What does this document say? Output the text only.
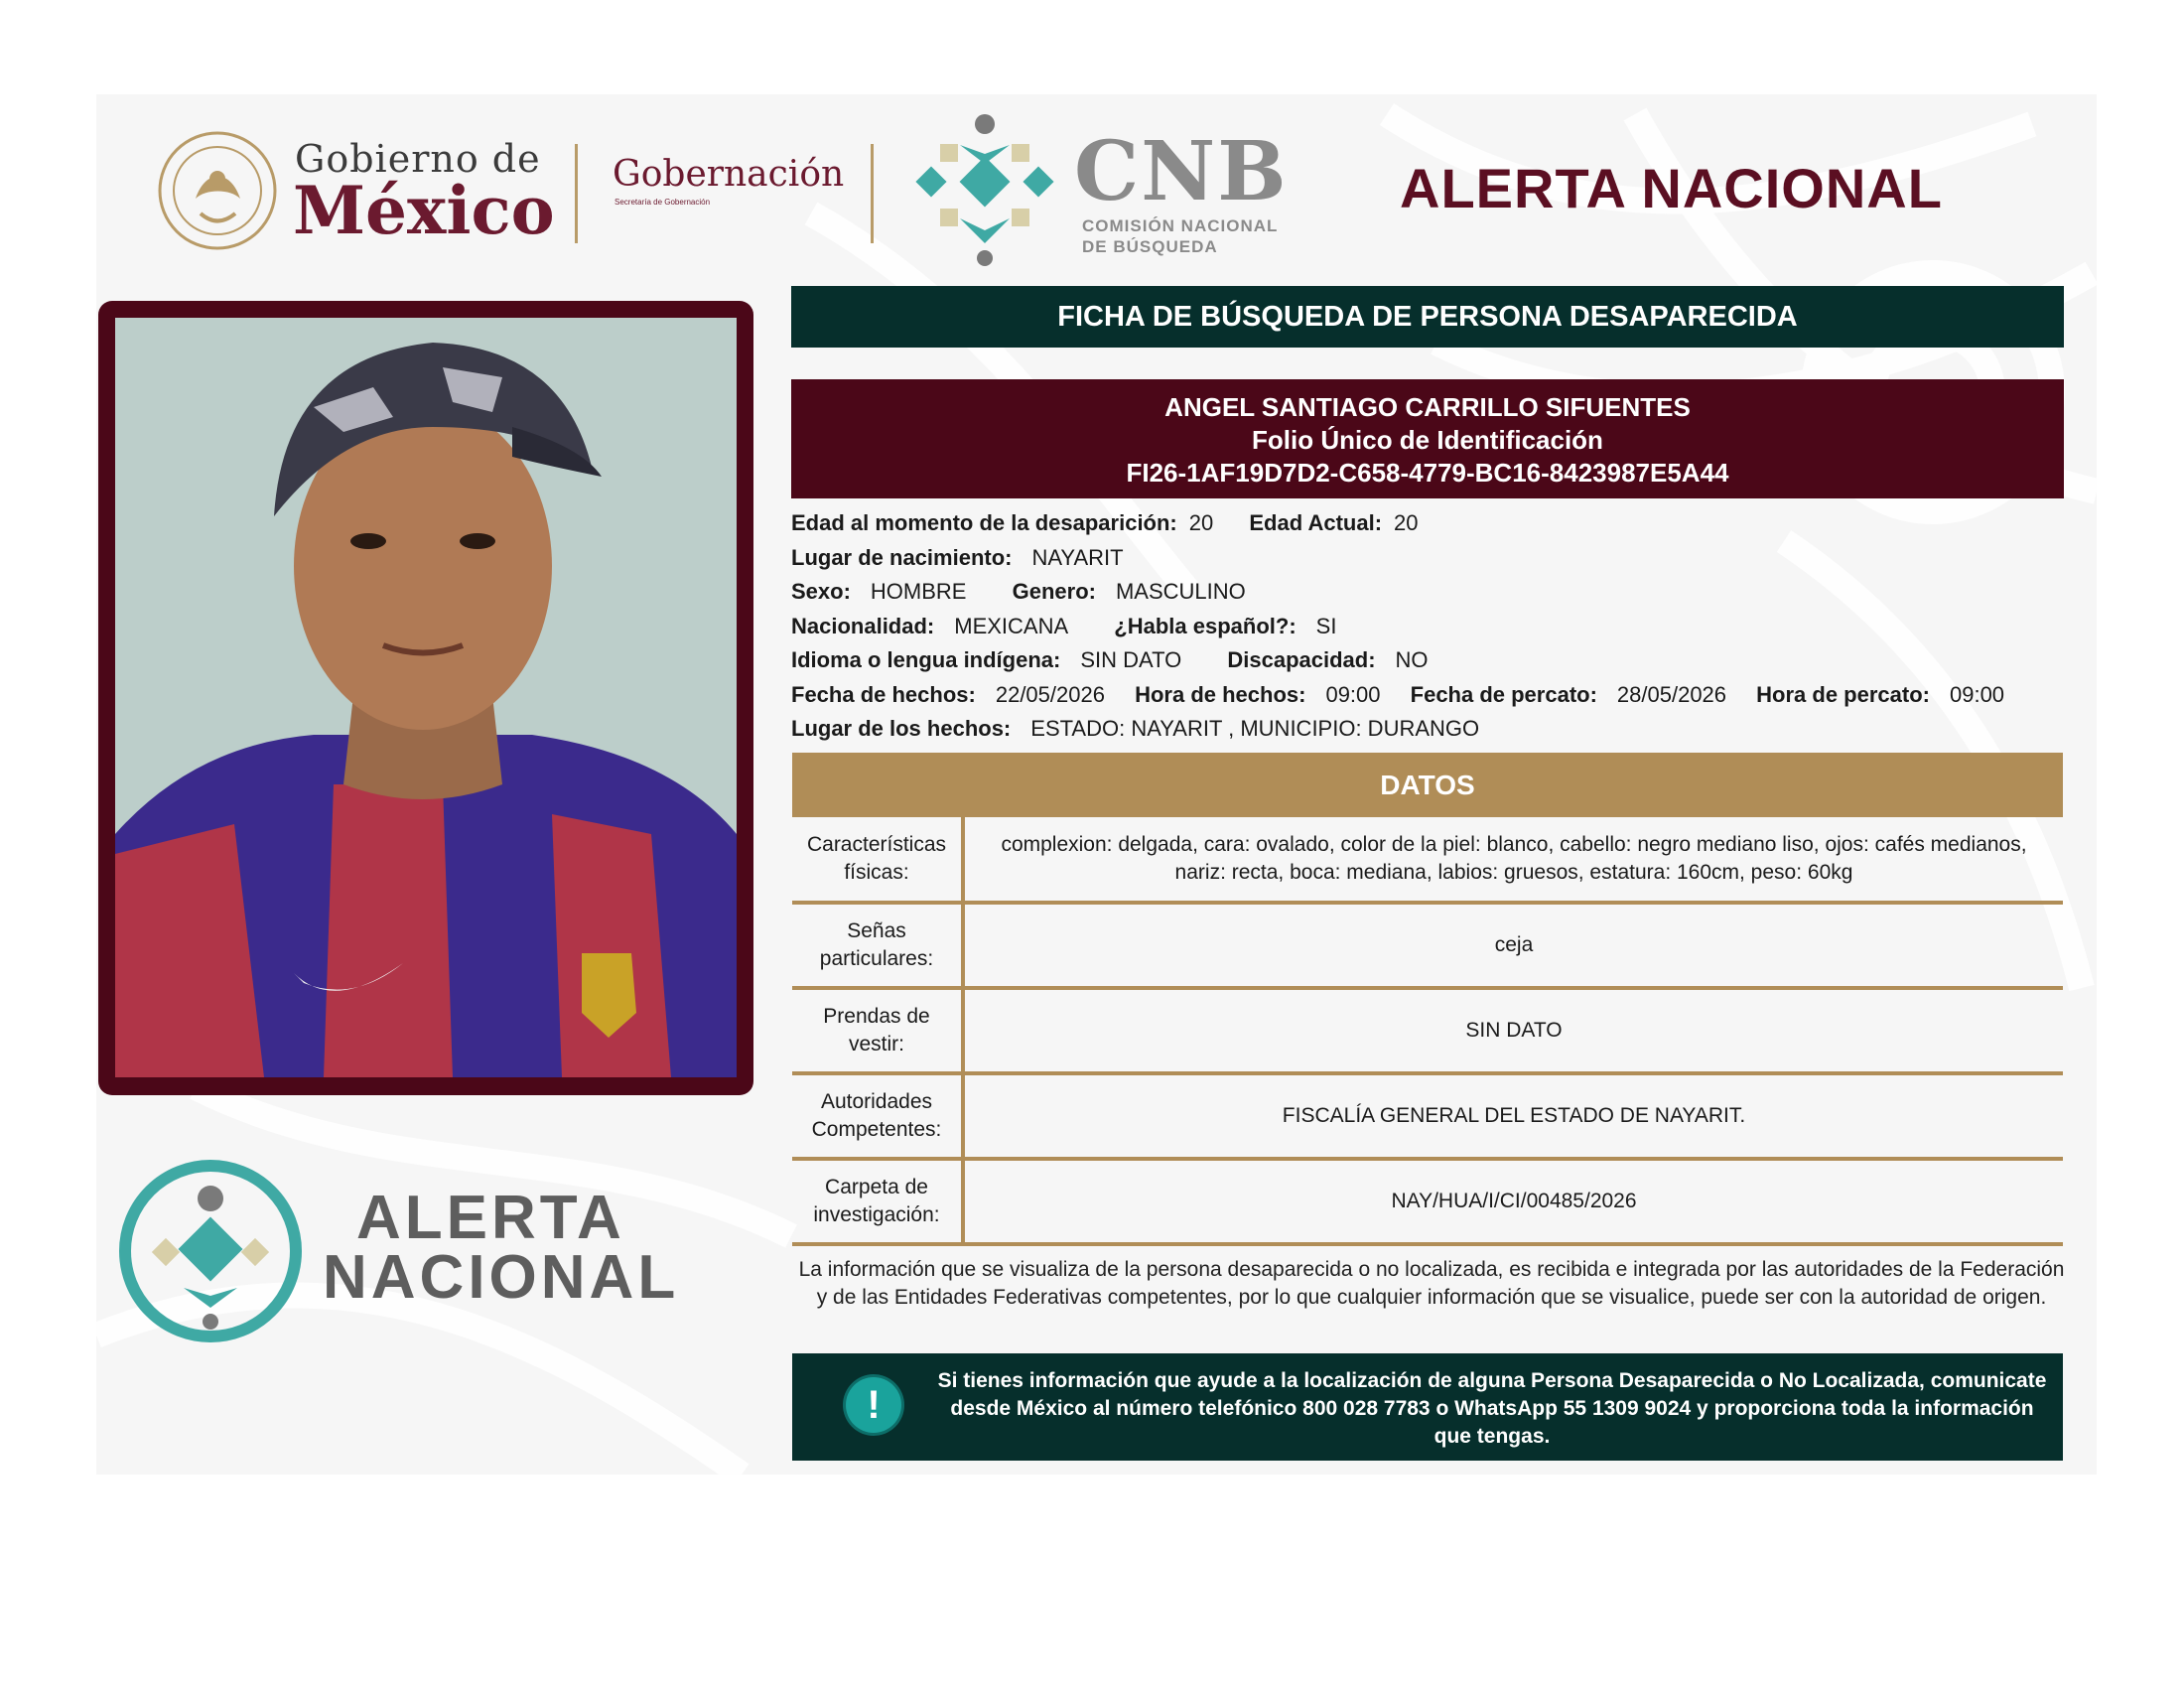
Gobierno de
México Gobernación
Secretaría de Gobernación	CNB
COMISIÓN NACIONAL
DE BÚSQUEDA
ALERTA NACIONAL
ALERTA
NACIONAL
FICHA DE BÚSQUEDA DE PERSONA DESAPARECIDA
ANGEL SANTIAGO CARRILLO SIFUENTES
Folio Único de Identificación
FI26-1AF19D7D2-C658-4779-BC16-8423987E5A44
Edad al momento de la desaparición: 20 Edad Actual: 20
Lugar de nacimiento: NAYARIT
Sexo: HOMBRE Genero: MASCULINO
Nacionalidad: MEXICANA ¿Habla español?: SI
Idioma o lengua indígena: SIN DATO Discapacidad: NO
Fecha de hechos: 22/05/2026 Hora de hechos: 09:00 Fecha de percato: 28/05/2026 Hora de percato: 09:00
Lugar de los hechos: ESTADO: NAYARIT , MUNICIPIO: DURANGO
DATOS
Características físicas:	complexion: delgada, cara: ovalado, color de la piel: blanco, cabello: negro mediano liso, ojos: cafés medianos, nariz: recta, boca: mediana, labios: gruesos, estatura: 160cm, peso: 60kg
Señas particulares:	ceja
Prendas de vestir:	SIN DATO
Autoridades Competentes:	FISCALÍA GENERAL DEL ESTADO DE NAYARIT.
Carpeta de investigación:	NAY/HUA/I/CI/00485/2026
La información que se visualiza de la persona desaparecida o no localizada, es recibida e integrada por las autoridades de la Federación y de las Entidades Federativas competentes, por lo que cualquier información que se visualice, puede ser con la autoridad de origen.
!
Si tienes información que ayude a la localización de alguna Persona Desaparecida o No Localizada, comunicate desde México al número telefónico 800 028 7783 o WhatsApp 55 1309 9024 y proporciona toda la información que tengas.
